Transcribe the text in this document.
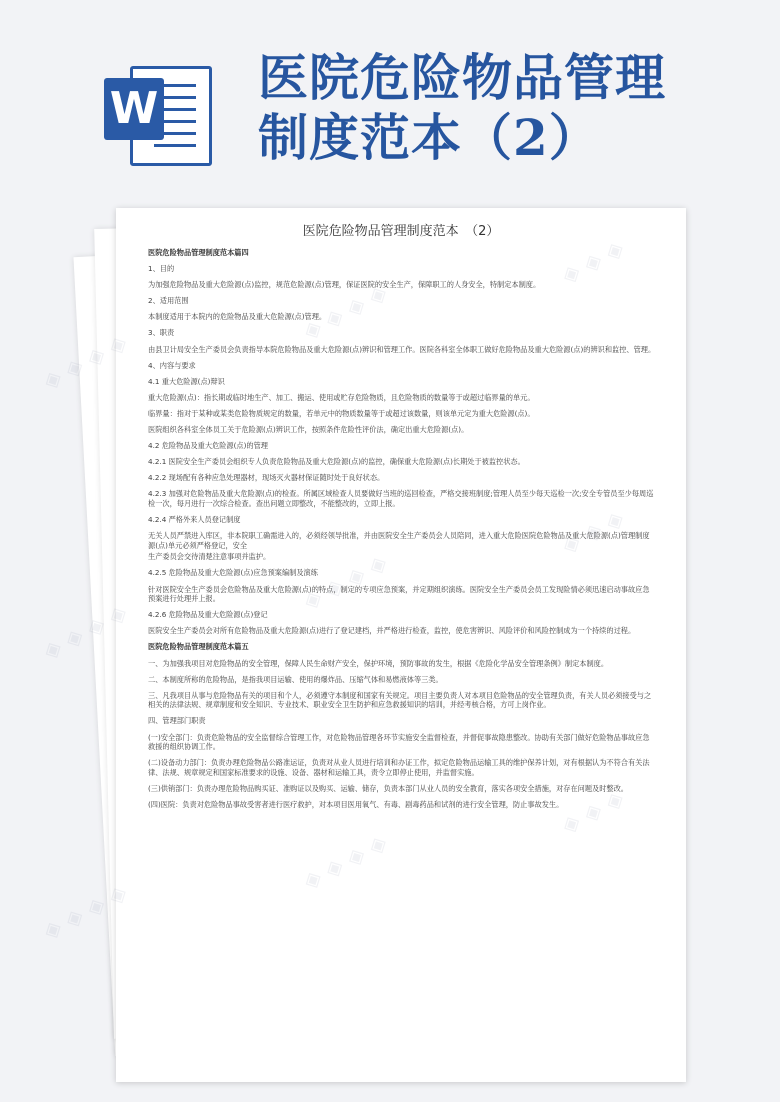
W
医院危险物品管理
制度范本（2）
医院危险物品管理制度范本　（2）

医院危险物品管理制度范本篇四

1、目的

为加强危险物品及重大危险源(点)监控，规范危险源(点)管理，保证医院的安全生产，保障职工的人身安全，特制定本制度。

2、适用范围

本制度适用于本院内的危险物品及重大危险源(点)管理。

3、职责

由县卫计局安全生产委员会负责指导本院危险物品及重大危险源(点)辨识和管理工作。医院各科室全体职工做好危险物品及重大危险源(点)的辨识和监控、管理。

4、内容与要求

4.1 重大危险源(点)辩识

重大危险源(点)：指长期或临时地生产、加工、搬运、使用或贮存危险物质，且危险物质的数量等于或超过临界量的单元。

临界量：指对于某种或某类危险物质规定的数量，若单元中的物质数量等于或超过该数量，则该单元定为重大危险源(点)。

医院组织各科室全体员工关于危险源(点)辨识工作，按照条件危险性评价法，确定出重大危险源(点)。

4.2 危险物品及重大危险源(点)的管理

4.2.1 医院安全生产委员会组织专人负责危险物品及重大危险源(点)的监控，确保重大危险源(点)长期处于被监控状态。

4.2.2 现场配有各种应急处理器材，现场灭火器材保证随时处于良好状态。

4.2.3 加强对危险物品及重大危险源(点)的检查。所属区域检查人员要做好当班的巡回检查，严格交接班制度;管理人员至少每天巡检一次;安全专管员至少每周巡检一次，每月进行一次综合检查。查出问题立即整改，不能整改的，立即上报。

4.2.4 严格外来人员登记制度

无关人员严禁进入库区，非本院职工确需进入的，必须经领导批准，并由医院安全生产委员会人员陪同，进入重大危险医院危险物品及重大危险源(点)管理制度源(点)单元必须严格登记，安全

生产委员会交待清楚注意事项并监护。

4.2.5 危险物品及重大危险源(点)应急预案编制及演练

针对医院安全生产委员会危险物品及重大危险源(点)的特点，制定的专项应急预案，并定期组织演练。医院安全生产委员会员工发现险情必须迅速启动事故应急预案进行处理并上报。

4.2.6 危险物品及重大危险源(点)登记

医院安全生产委员会对所有危险物品及重大危险源(点)进行了登记建档，并严格进行检查，监控，使危害辨识、风险评价和风险控制成为一个持续的过程。

医院危险物品管理制度范本篇五

一、为加强我项目对危险物品的安全管理，保障人民生命财产安全，保护环境，预防事故的发生，根据《危险化学品安全管理条例》制定本制度。

二、本制度所称的危险物品，是指我项目运输、使用的爆炸品、压缩气体和易燃液体等三类。

三、凡我项目从事与危险物品有关的项目和个人，必须遵守本制度和国家有关规定。项目主要负责人对本项目危险物品的安全管理负责，有关人员必须接受与之相关的法律法规、规章制度和安全知识、专业技术、职业安全卫生防护和应急救援知识的培训，并经考核合格，方可上岗作业。

四、管理部门职责

(一)安全部门：负责危险物品的安全监督综合管理工作，对危险物品管理各环节实施安全监督检查，并督促事故隐患整改。协助有关部门做好危险物品事故应急救援的组织协调工作。

(二)设备动力部门：负责办理危险物品公路准运证，负责对从业人员进行培训和办证工作，拟定危险物品运输工具的维护保养计划，对有根据认为不符合有关法律、法规、规章规定和国家标准要求的设施、设备、器材和运输工具，责令立即停止使用，并监督实施。

(三)供销部门：负责办理危险物品购买证、准购证以及购买、运输、储存，负责本部门从业人员的安全教育，落实各项安全措施，对存在问题及时整改。

(四)医院：负责对危险物品事故受害者进行医疗救护，对本项目医用氧气、有毒、剧毒药品和试剂的进行安全管理，防止事故发生。

◈ ◈
◈ ◈ ◈ ◈
◈ ◈ ◈ ◈
